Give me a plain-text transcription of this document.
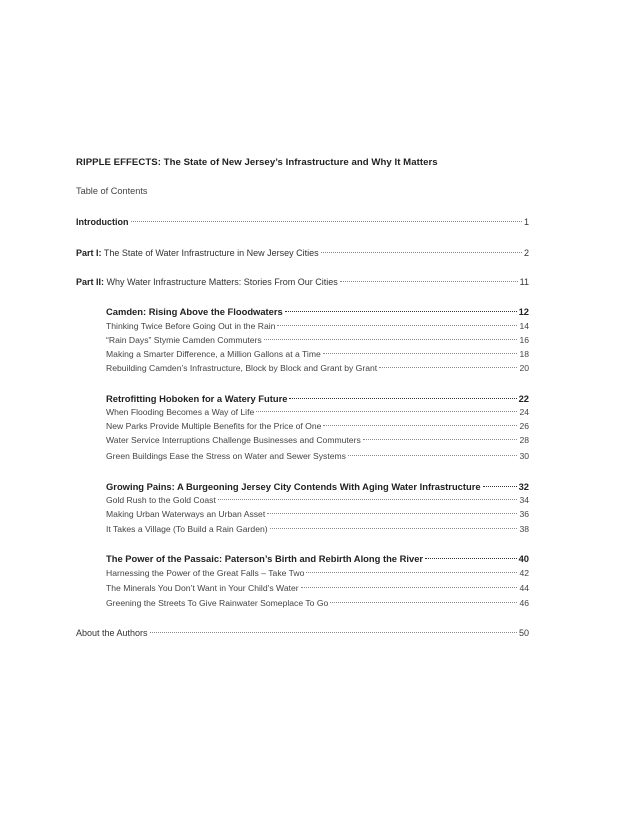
RIPPLE EFFECTS: The State of New Jersey’s Infrastructure and Why It Matters
Table of Contents
Introduction	1
Part I: The State of Water Infrastructure in New Jersey Cities	2
Part II: Why Water Infrastructure Matters: Stories From Our Cities	11
Camden: Rising Above the Floodwaters	12
Thinking Twice Before Going Out in the Rain	14
“Rain Days” Stymie Camden Commuters	16
Making a Smarter Difference, a Million Gallons at a Time	18
Rebuilding Camden’s Infrastructure, Block by Block and Grant by Grant	20
Retrofitting Hoboken for a Watery Future	22
When Flooding Becomes a Way of Life	24
New Parks Provide Multiple Benefits for the Price of One	26
Water Service Interruptions Challenge Businesses and Commuters	28
Green Buildings Ease the Stress on Water and Sewer Systems	30
Growing Pains: A Burgeoning Jersey City Contends With Aging Water Infrastructure	32
Gold Rush to the Gold Coast	34
Making Urban Waterways an Urban Asset	36
It Takes a Village (To Build a Rain Garden)	38
The Power of the Passaic: Paterson’s Birth and Rebirth Along the River	40
Harnessing the Power of the Great Falls – Take Two	42
The Minerals You Don’t Want in Your Child’s Water	44
Greening the Streets To Give Rainwater Someplace To Go	46
About the Authors	50
